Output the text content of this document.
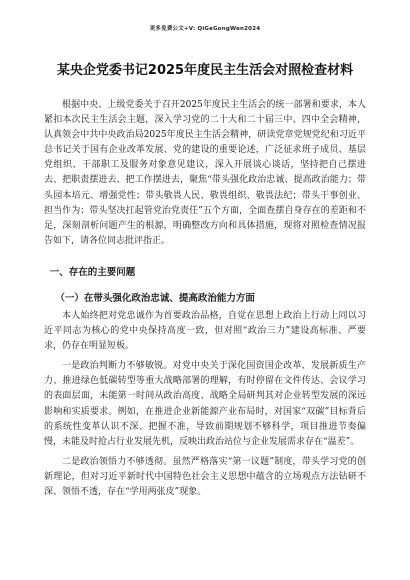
更多免费公文+V: QiGeGongWen2024
某央企党委书记2025年度民主生活会对照检查材料

根据中央、上级党委关于召开2025年度民主生活会的统一部署和要求，本人紧扣本次民主生活会主题，深入学习党的二十大和二十届三中、四中全会精神，认真领会中共中央政治局2025年度民主生活会精神，研读党章党规党纪和习近平总书记关于国有企业改革发展、党的建设的重要论述，广泛征求班子成员、基层党组织、干部职工及服务对象意见建议，深入开展谈心谈话，坚持把自己摆进去、把职责摆进去、把工作摆进去，聚焦“带头强化政治忠诚、提高政治能力；带头园本培元、增强党性；带头敬畏人民、敬畏组织、敬畏法纪；带头干事创业、担当作为；带头坚决扛起管党治党责任”五个方面，全面查摆自身存在的差距和不足，深刻剖析问题产生的根源，明确整改方向和具体措施，现将对照检查情况报告如下，请各位同志批评指正。

一、存在的主要问题
（一）在带头强化政治忠诚、提高政治能力方面

本人始终把对党忠诚作为首要政治品格，自觉在思想上政治上行动上同以习近平同志为核心的党中央保持高度一致，但对照“政治三力”建设高标准、严要求，仍存在明显短板。

一是政治判断力不够敏锐。对党中央关于深化国资国企改革、发展新质生产力、推进绿色低碳转型等重大战略部署的理解，有时停留在文件传达、会议学习的表面层面，未能第一时间从政治高度、战略全局研判其对企业转型发展的深远影响和实质要求。例如，在推进企业新能源产业布局时，对国家“双碳”目标背后的系统性变革认识不深、把握不准，导致前期规划不够科学，项目推进节奏偏慢，未能及时抢占行业发展先机，反映出政治站位与企业发展需求存在“温差”。

二是政治领悟力不够透彻。虽然严格落实“第一议题”制度，带头学习党的创新理论，但对习近平新时代中国特色社会主义思想中蕴含的立场观点方法钻研不深、领悟不透，存在“学用两张皮”现象。
